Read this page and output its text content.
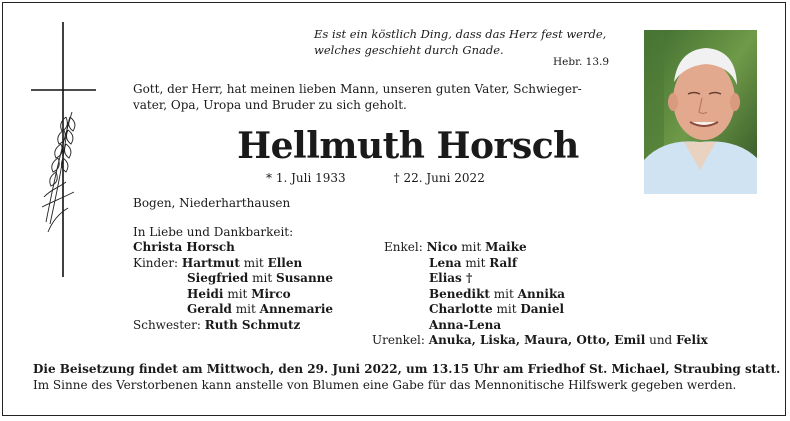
Es ist ein köstlich Ding, dass das Herz fest werde,
welches geschieht durch Gnade.
Hebr. 13.9
Gott, der Herr, hat meinen lieben Mann, unseren guten Vater, Schwieger-
vater, Opa, Uropa und Bruder zu sich geholt.
Hellmuth Horsch
* 1. Juli 1933	† 22. Juni 2022
Bogen, Niederharthausen
In Liebe und Dankbarkeit:
Christa Horsch
Kinder:
Hartmut
mit
Ellen
Siegfried
mit
Susanne
Heidi
mit
Mirco
Gerald
mit
Annemarie
Schwester:
Ruth Schmutz
Enkel:
Nico
mit
Maike
Lena
mit
Ralf
Elias †
Benedikt
mit
Annika
Charlotte
mit
Daniel
Anna-Lena
Urenkel:
Anuka, Liska, Maura, Otto, Emil
und
Felix
Die Beisetzung findet am Mittwoch, den 29. Juni 2022, um 13.15 Uhr am Friedhof St. Michael, Straubing statt.
Im Sinne des Verstorbenen kann anstelle von Blumen eine Gabe für das Mennonitische Hilfswerk gegeben werden.
